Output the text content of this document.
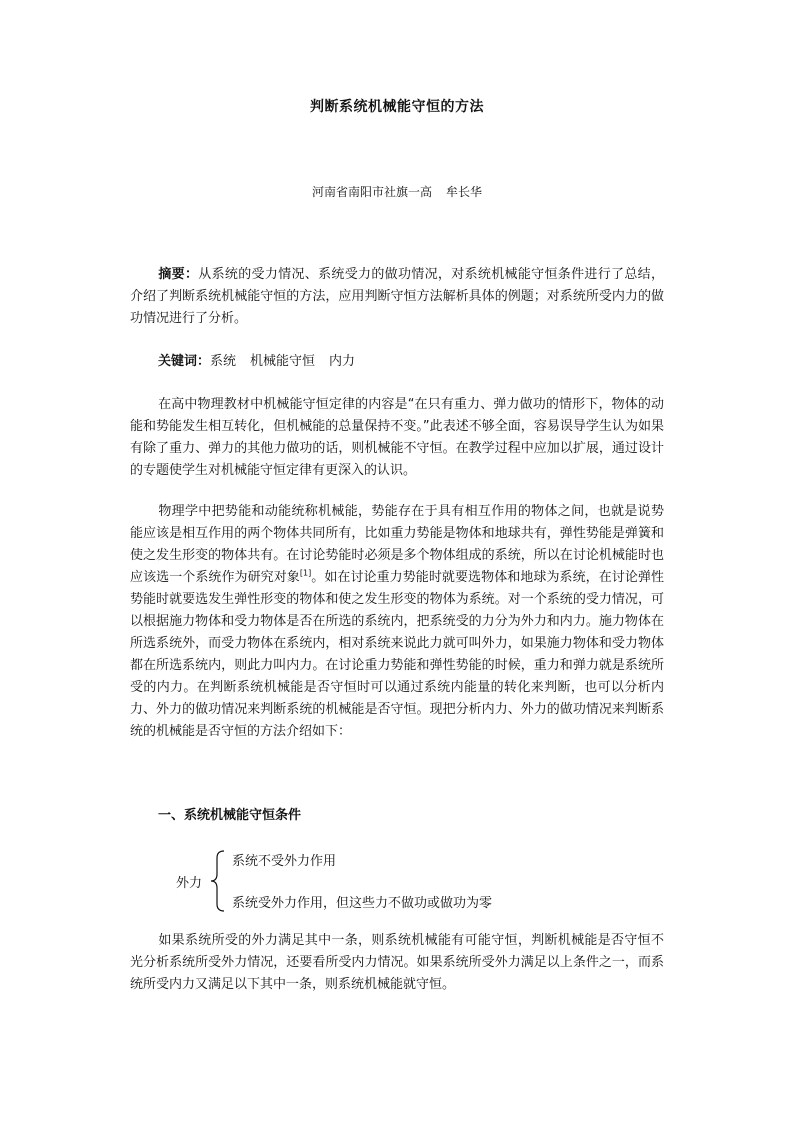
判断系统机械能守恒的方法
河南省南阳市社旗一高 牟长华
摘要：从系统的受力情况、系统受力的做功情况，对系统机械能守恒条件进行了总结，介绍了判断系统机械能守恒的方法，应用判断守恒方法解析具体的例题；对系统所受内力的做功情况进行了分析。
关键词：系统 机械能守恒 内力
在高中物理教材中机械能守恒定律的内容是“在只有重力、弹力做功的情形下，物体的动能和势能发生相互转化，但机械能的总量保持不变。”此表述不够全面，容易误导学生认为如果有除了重力、弹力的其他力做功的话，则机械能不守恒。在教学过程中应加以扩展，通过设计的专题使学生对机械能守恒定律有更深入的认识。
物理学中把势能和动能统称机械能，势能存在于具有相互作用的物体之间，也就是说势能应该是相互作用的两个物体共同所有，比如重力势能是物体和地球共有，弹性势能是弹簧和使之发生形变的物体共有。在讨论势能时必须是多个物体组成的系统，所以在讨论机械能时也应该选一个系统作为研究对象[1]。如在讨论重力势能时就要选物体和地球为系统，在讨论弹性势能时就要选发生弹性形变的物体和使之发生形变的物体为系统。对一个系统的受力情况，可以根据施力物体和受力物体是否在所选的系统内，把系统受的力分为外力和内力。施力物体在所选系统外，而受力物体在系统内，相对系统来说此力就可叫外力，如果施力物体和受力物体都在所选系统内，则此力叫内力。在讨论重力势能和弹性势能的时候，重力和弹力就是系统所受的内力。在判断系统机械能是否守恒时可以通过系统内能量的转化来判断，也可以分析内力、外力的做功情况来判断系统的机械能是否守恒。现把分析内力、外力的做功情况来判断系统的机械能是否守恒的方法介绍如下：
一、系统机械能守恒条件
外力
系统不受外力作用
系统受外力作用，但这些力不做功或做功为零
如果系统所受的外力满足其中一条，则系统机械能有可能守恒，判断机械能是否守恒不光分析系统所受外力情况，还要看所受内力情况。如果系统所受外力满足以上条件之一，而系统所受内力又满足以下其中一条，则系统机械能就守恒。
